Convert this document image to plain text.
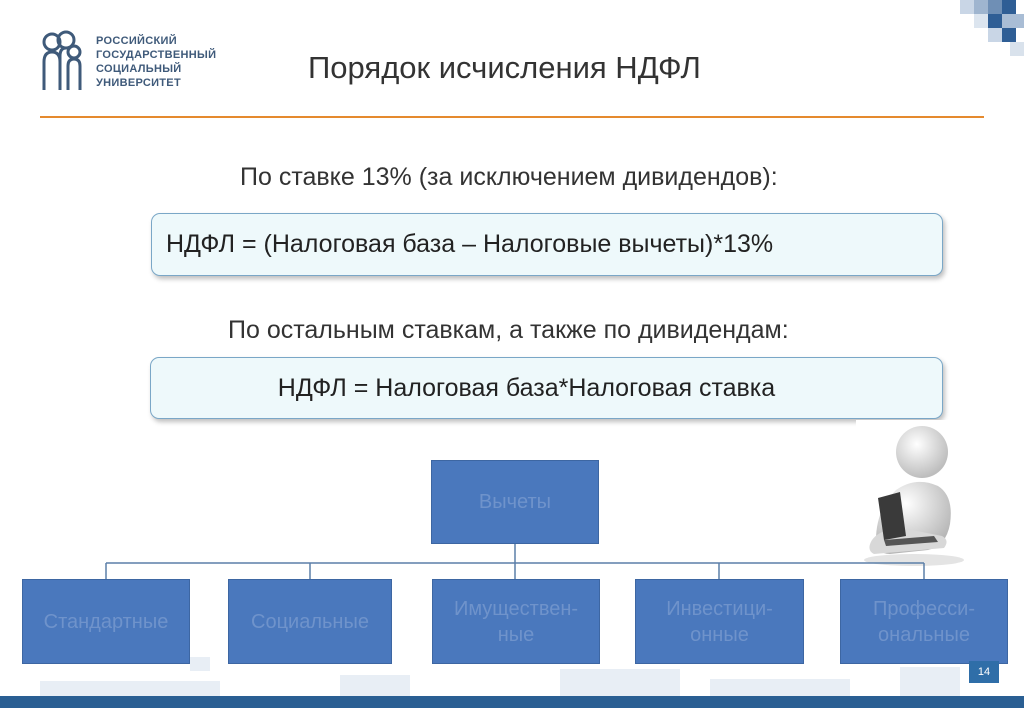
РОССИЙСКИЙ
ГОСУДАРСТВЕННЫЙ
СОЦИАЛЬНЫЙ
УНИВЕРСИТЕТ	Порядок исчисления НДФЛ
По ставке 13% (за исключением дивидендов):
НДФЛ = (Налоговая база – Налоговые вычеты)*13%
По остальным ставкам, а также по дивидендам:
НДФЛ = Налоговая база*Налоговая ставка
Вычеты
Стандартные	Социальные
Имуществен-
ные
Инвестици-
онные
Професси-
ональные
14
